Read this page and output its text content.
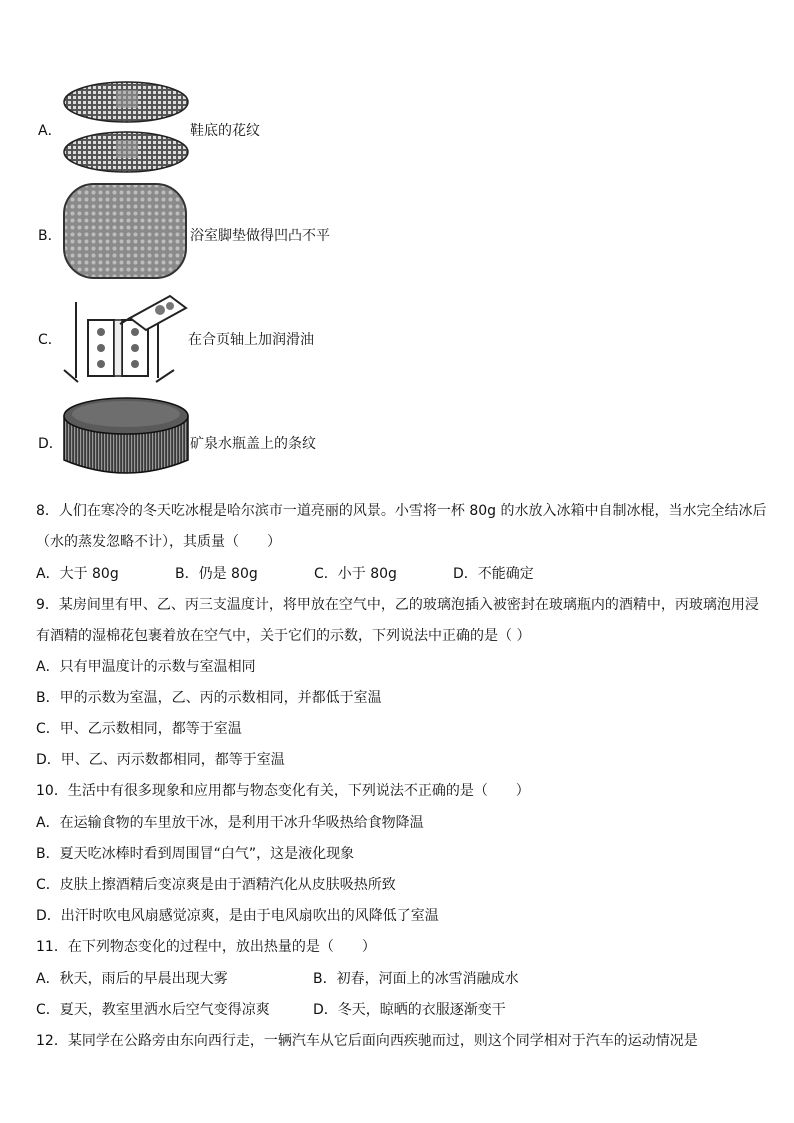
A．	鞋底的花纹
B．	浴室脚垫做得凹凸不平
C．	在合页轴上加润滑油
D．	矿泉水瓶盖上的条纹
8．人们在寒冷的冬天吃冰棍是哈尔滨市一道亮丽的风景。小雪将一杯 80g 的水放入冰箱中自制冰棍，当水完全结冰后
（水的蒸发忽略不计），其质量（　　）
A．大于 80g	B．仍是 80g	C．小于 80g	D．不能确定
9．某房间里有甲、乙、丙三支温度计，将甲放在空气中，乙的玻璃泡插入被密封在玻璃瓶内的酒精中，丙玻璃泡用浸
有酒精的湿棉花包裹着放在空气中，关于它们的示数，下列说法中正确的是（ ）
A．只有甲温度计的示数与室温相同
B．甲的示数为室温，乙、丙的示数相同，并都低于室温
C．甲、乙示数相同，都等于室温
D．甲、乙、丙示数都相同，都等于室温
10．生活中有很多现象和应用都与物态变化有关，下列说法不正确的是（　　）
A．在运输食物的车里放干冰，是利用干冰升华吸热给食物降温
B．夏天吃冰棒时看到周围冒“白气”，这是液化现象
C．皮肤上擦酒精后变凉爽是由于酒精汽化从皮肤吸热所致
D．出汗时吹电风扇感觉凉爽，是由于电风扇吹出的风降低了室温
11．在下列物态变化的过程中，放出热量的是（　　）
A．秋天，雨后的早晨出现大雾	B．初春，河面上的冰雪消融成水
C．夏天，教室里洒水后空气变得凉爽	D．冬天，晾晒的衣服逐渐变干
12．某同学在公路旁由东向西行走，一辆汽车从它后面向西疾驰而过，则这个同学相对于汽车的运动情况是
